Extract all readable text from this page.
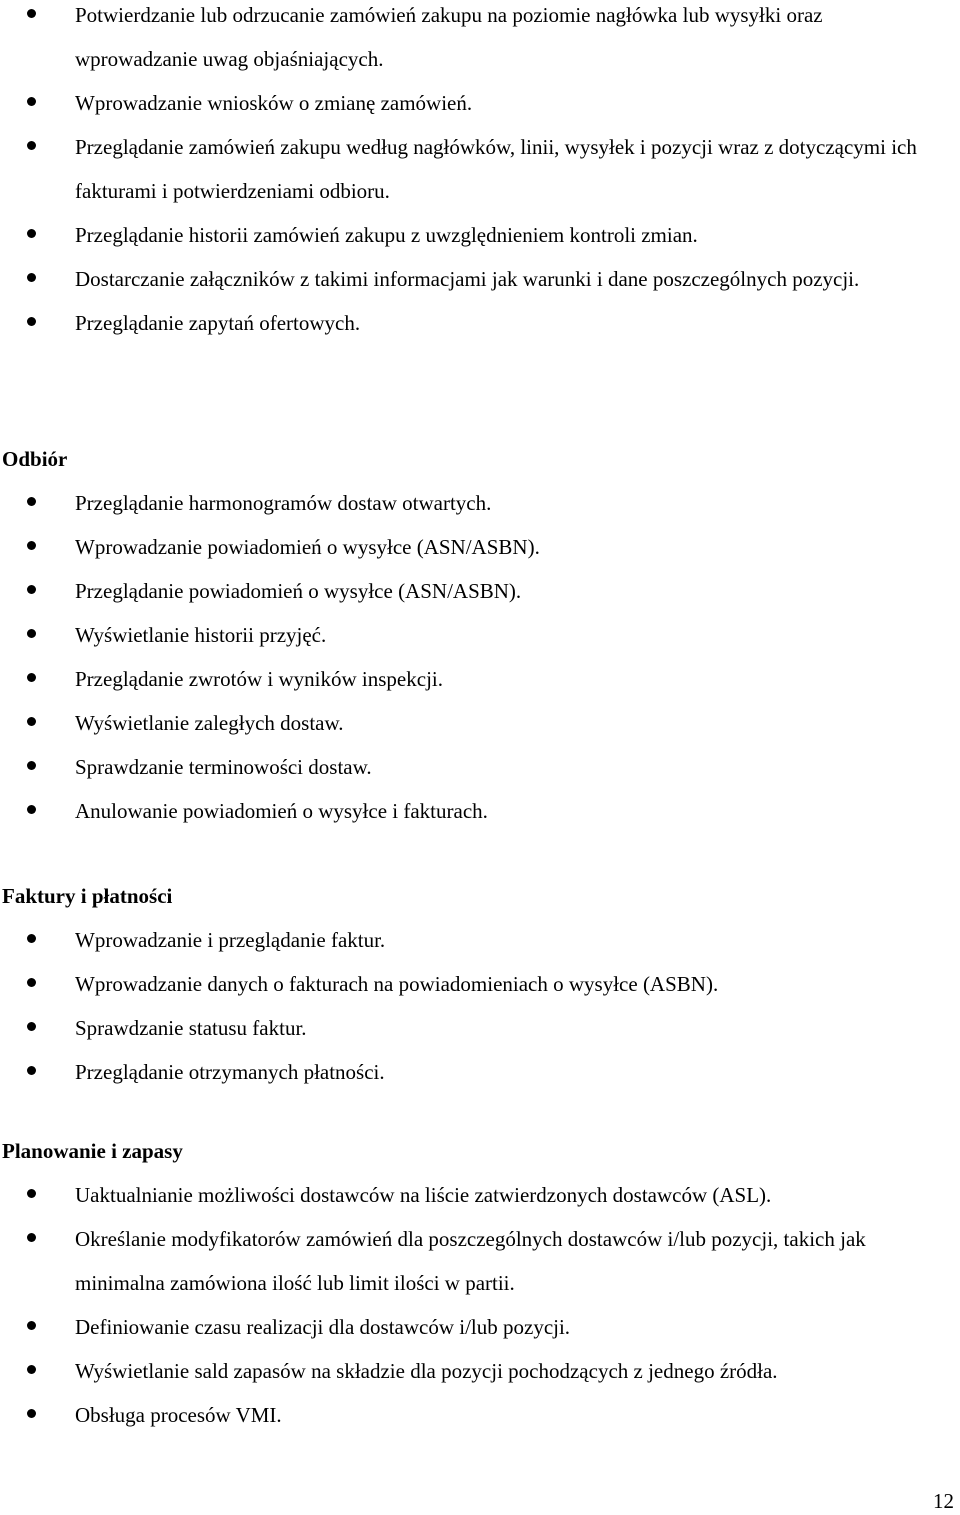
Potwierdzanie lub odrzucanie zamówień zakupu na poziomie nagłówka lub wysyłki oraz wprowadzanie uwag objaśniających.
Wprowadzanie wniosków o zmianę zamówień.
Przeglądanie zamówień zakupu według nagłówków, linii, wysyłek i pozycji wraz z dotyczącymi ich fakturami i potwierdzeniami odbioru.
Przeglądanie historii zamówień zakupu z uwzględnieniem kontroli zmian.
Dostarczanie załączników z takimi informacjami jak warunki i dane poszczególnych pozycji.
Przeglądanie zapytań ofertowych.
Odbiór
Przeglądanie harmonogramów dostaw otwartych.
Wprowadzanie powiadomień o wysyłce (ASN/ASBN).
Przeglądanie powiadomień o wysyłce (ASN/ASBN).
Wyświetlanie historii przyjęć.
Przeglądanie zwrotów i wyników inspekcji.
Wyświetlanie zaległych dostaw.
Sprawdzanie terminowości dostaw.
Anulowanie powiadomień o wysyłce i fakturach.
Faktury i płatności
Wprowadzanie i przeglądanie faktur.
Wprowadzanie danych o fakturach na powiadomieniach o wysyłce (ASBN).
Sprawdzanie statusu faktur.
Przeglądanie otrzymanych płatności.
Planowanie i zapasy
Uaktualnianie możliwości dostawców na liście zatwierdzonych dostawców (ASL).
Określanie modyfikatorów zamówień dla poszczególnych dostawców i/lub pozycji, takich jak minimalna zamówiona ilość lub limit ilości w partii.
Definiowanie czasu realizacji dla dostawców i/lub pozycji.
Wyświetlanie sald zapasów na składzie dla pozycji pochodzących z jednego źródła.
Obsługa procesów VMI.
12
